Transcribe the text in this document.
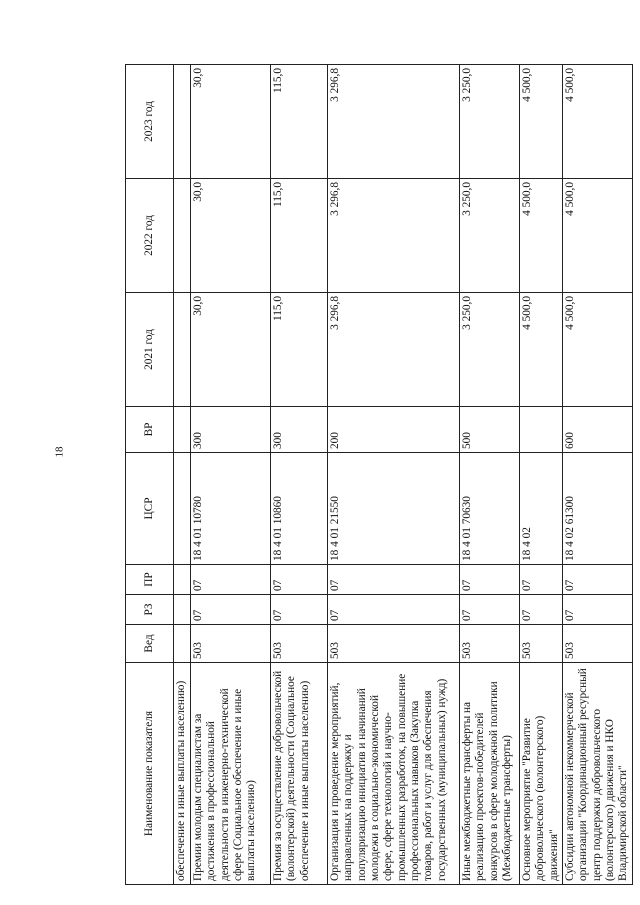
18
Наименование показателя	Вед	РЗ	ПР	ЦСР	ВР	2021 год	2022 год	2023 год
обеспечение и иные выплаты населению)								
Премии молодым специалистам за достижения в профессиональной деятельности в инженерно-технической сфере (Социальное обеспечение и иные выплаты населению)	503	07	07	18 4 01 10780	300	30,0	30,0	30,0
Премия за осуществление добровольческой (волонтерской) деятельности (Социальное обеспечение и иные выплаты населению)	503	07	07	18 4 01 10860	300	115,0	115,0	115,0
Организация и проведение мероприятий, направленных на поддержку и популяризацию инициатив и начинаний молодежи в социально-экономической сфере, сфере технологий и научно-промышленных разработок, на повышение профессиональных навыков (Закупка товаров, работ и услуг для обеспечения государственных (муниципальных) нужд)	503	07	07	18 4 01 21550	200	3 296,8	3 296,8	3 296,8
Иные межбюджетные трансферты на реализацию проектов-победителей конкурсов в сфере молодежной политики (Межбюджетные трансферты)	503	07	07	18 4 01 70630	500	3 250,0	3 250,0	3 250,0
Основное мероприятие "Развитие добровольческого (волонтерского) движения"	503	07	07	18 4 02		4 500,0	4 500,0	4 500,0
Субсидии автономной некоммерческой организации "Координационный ресурсный центр поддержки добровольческого (волонтерского) движения и НКО Владимирской области"	503	07	07	18 4 02 61300	600	4 500,0	4 500,0	4 500,0
